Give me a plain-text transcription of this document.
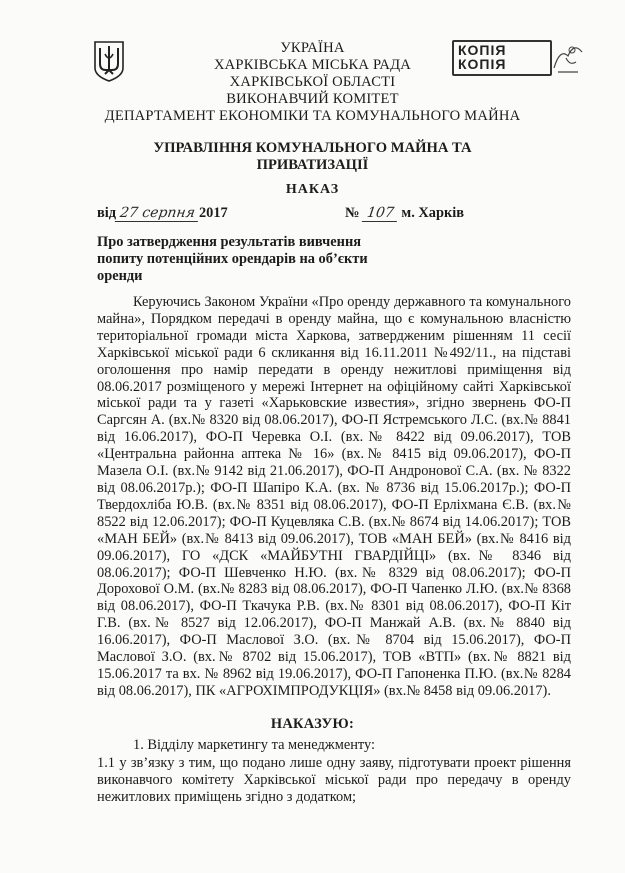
УКРАЇНА
ХАРКІВСЬКА МІСЬКА РАДА
ХАРКІВСЬКОЇ ОБЛАСТІ
ВИКОНАВЧИЙ КОМІТЕТ
ДЕПАРТАМЕНТ ЕКОНОМІКИ ТА КОМУНАЛЬНОГО МАЙНА
КОПІЯ
КОПІЯ
УПРАВЛІННЯ КОМУНАЛЬНОГО МАЙНА ТА
ПРИВАТИЗАЦІЇ
НАКАЗ
від 27 серпня 2017	№ 107 м. Харків
Про затвердження результатів вивчення попиту потенційних орендарів на об’єкти оренди

Керуючись Законом України «Про оренду державного та комунального майна», Порядком передачі в оренду майна, що є комунальною власністю територіальної громади міста Харкова, затвердженим рішенням 11 сесії Харківської міської ради 6 скликання від 16.11.2011 №492/11., на підставі оголошення про намір передати в оренду нежитлові приміщення від 08.06.2017 розміщеного у мережі Інтернет на офіційному сайті Харківської міської ради та у газеті «Харьковские известия», згідно звернень ФО-П Саргсян А. (вх.№ 8320 від 08.06.2017), ФО-П Ястремського Л.С. (вх.№ 8841 від 16.06.2017), ФО-П Черевка О.І. (вх.№ 8422 від 09.06.2017), ТОВ «Центральна районна аптека № 16» (вх.№ 8415 від 09.06.2017), ФО-П Мазела О.І. (вх.№ 9142 від 21.06.2017), ФО-П Андронової С.А. (вх. № 8322 від 08.06.2017р.); ФО-П Шапіро К.А. (вх. № 8736 від 15.06.2017р.); ФО-П Твердохліба Ю.В. (вх.№ 8351 від 08.06.2017), ФО-П Ерліхмана Є.В. (вх.№ 8522 від 12.06.2017); ФО-П Куцевляка С.В. (вх.№ 8674 від 14.06.2017); ТОВ «МАН БЕЙ» (вх.№ 8413 від 09.06.2017), ТОВ «МАН БЕЙ» (вх.№ 8416 від 09.06.2017), ГО «ДСК «МАЙБУТНІ ГВАРДІЙЦІ» (вх.№ 8346 від 08.06.2017); ФО-П Шевченко Н.Ю. (вх.№ 8329 від 08.06.2017); ФО-П Дорохової О.М. (вх.№ 8283 від 08.06.2017), ФО-П Чапенко Л.Ю. (вх.№ 8368 від 08.06.2017), ФО-П Ткачука Р.В. (вх.№ 8301 від 08.06.2017), ФО-П Кіт Г.В. (вх.№ 8527 від 12.06.2017), ФО-П Манжай А.В. (вх.№ 8840 від 16.06.2017), ФО-П Маслової З.О. (вх.№ 8704 від 15.06.2017), ФО-П Маслової З.О. (вх.№ 8702 від 15.06.2017), ТОВ «ВТП» (вх.№ 8821 від 15.06.2017 та вх. № 8962 від 19.06.2017), ФО-П Гапоненка П.Ю. (вх.№ 8284 від 08.06.2017), ПК «АГРОХІМПРОДУКЦІЯ» (вх.№ 8458 від 09.06.2017).

НАКАЗУЮ:
1. Відділу маркетингу та менеджменту:

1.1 у зв’язку з тим, що подано лише одну заяву, підготувати проект рішення виконавчого комітету Харківської міської ради про передачу в оренду нежитлових приміщень згідно з додатком;
